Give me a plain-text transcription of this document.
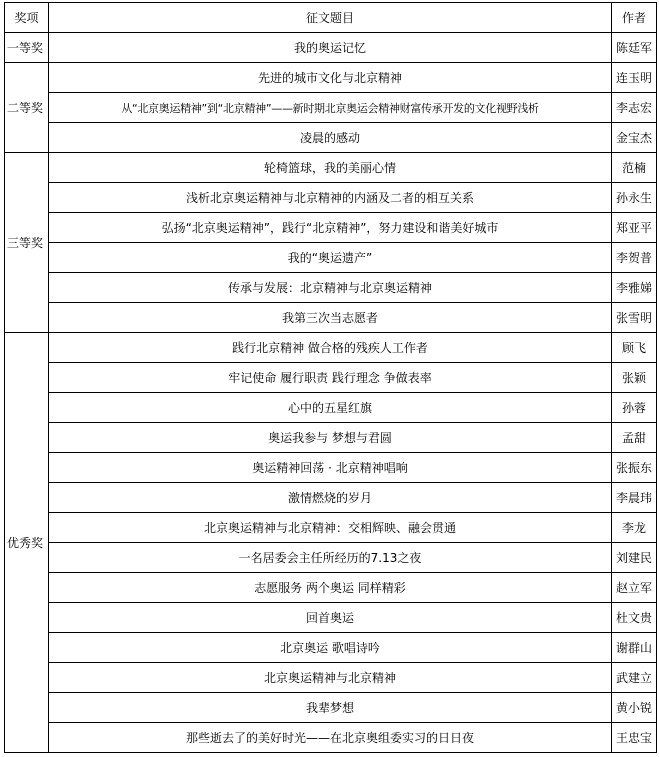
奖项	征文题目	作者
一等奖	我的奥运记忆	陈廷军
二等奖	先进的城市文化与北京精神	连玉明
	从“北京奥运精神”到“北京精神”——新时期北京奥运会精神财富传承开发的文化视野浅析	李志宏
	凌晨的感动	金宝杰
三等奖	轮椅篮球，我的美丽心情	范楠
	浅析北京奥运精神与北京精神的内涵及二者的相互关系	孙永生
	弘扬“北京奥运精神”，践行“北京精神”，努力建设和谐美好城市	郑亚平
	我的“奥运遗产”	李贺普
	传承与发展：北京精神与北京奥运精神	李雅娣
	我第三次当志愿者	张雪明
优秀奖	践行北京精神 做合格的残疾人工作者	顾飞
	牢记使命 履行职责 践行理念 争做表率	张颖
	心中的五星红旗	孙蓉
	奥运我参与 梦想与君圆	孟甜
	奥运精神回荡 · 北京精神唱响	张振东
	激情燃烧的岁月	李晨玮
	北京奥运精神与北京精神：交相辉映、融会贯通	李龙
	一名居委会主任所经历的7.13之夜	刘建民
	志愿服务 两个奥运 同样精彩	赵立军
	回首奥运	杜文贵
	北京奥运 歌唱诗吟	谢群山
	北京奥运精神与北京精神	武建立
	我辈梦想	黄小锐
	那些逝去了的美好时光——在北京奥组委实习的日日夜	王忠宝
